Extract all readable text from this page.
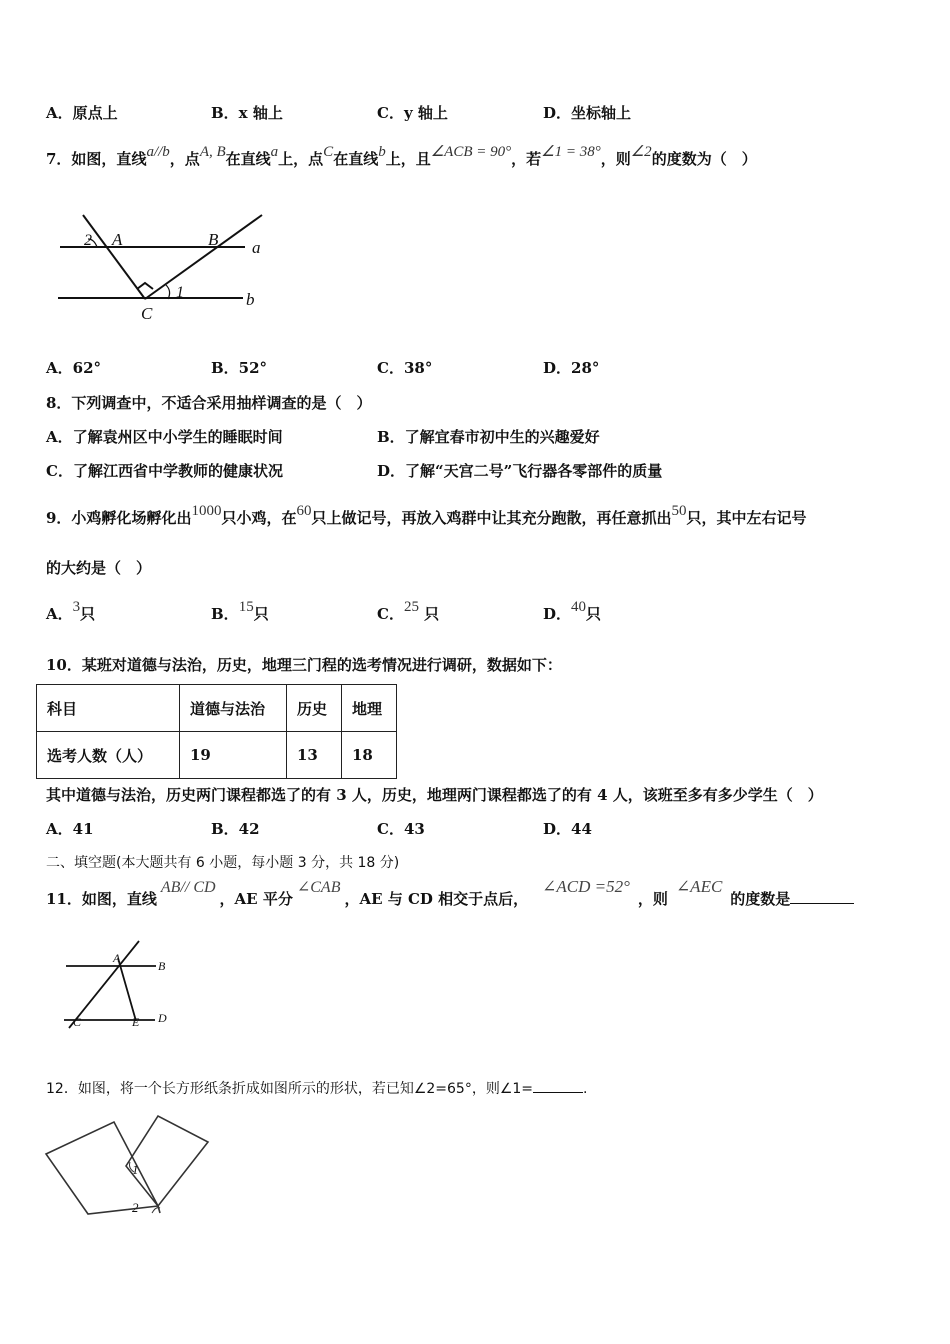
A．原点上	B．x 轴上	C．y 轴上	D．坐标轴上
7．如图，直线a//b，点A, B在直线a上，点C在直线b上，且∠ACB = 90°，若∠1 = 38°，则∠2的度数为（　）
2 A	B a
1	b
C
A．62°	B．52°	C．38°	D．28°
8．下列调查中，不适合采用抽样调查的是（　）
A．了解袁州区中小学生的睡眠时间	B．了解宜春市初中生的兴趣爱好
C．了解江西省中学教师的健康状况	D．了解“天宫二号”飞行器各零部件的质量
9．小鸡孵化场孵化出1000只小鸡，在60只上做记号，再放入鸡群中让其充分跑散，再任意抓出50只，其中左右记号
的大约是（　）
A．3只	B．15只	C．25 只	D．40只
10．某班对道德与法治，历史，地理三门程的选考情况进行调研，数据如下：
科目	道德与法治	历史	地理
选考人数（人）	19	13	18
其中道德与法治，历史两门课程都选了的有 3 人，历史，地理两门课程都选了的有 4 人，该班至多有多少学生（　）
A．41	B．42	C．43	D．44
二、填空题(本大题共有 6 小题，每小题 3 分，共 18 分)
11．如图，直线AB// CD，AE 平分∠CAB，AE 与 CD 相交于点后，∠ACD =52°，则∠AEC的度数是
A
B
C	E D
12．如图，将一个长方形纸条折成如图所示的形状，若已知∠2=65°，则∠1=	.
1
2
